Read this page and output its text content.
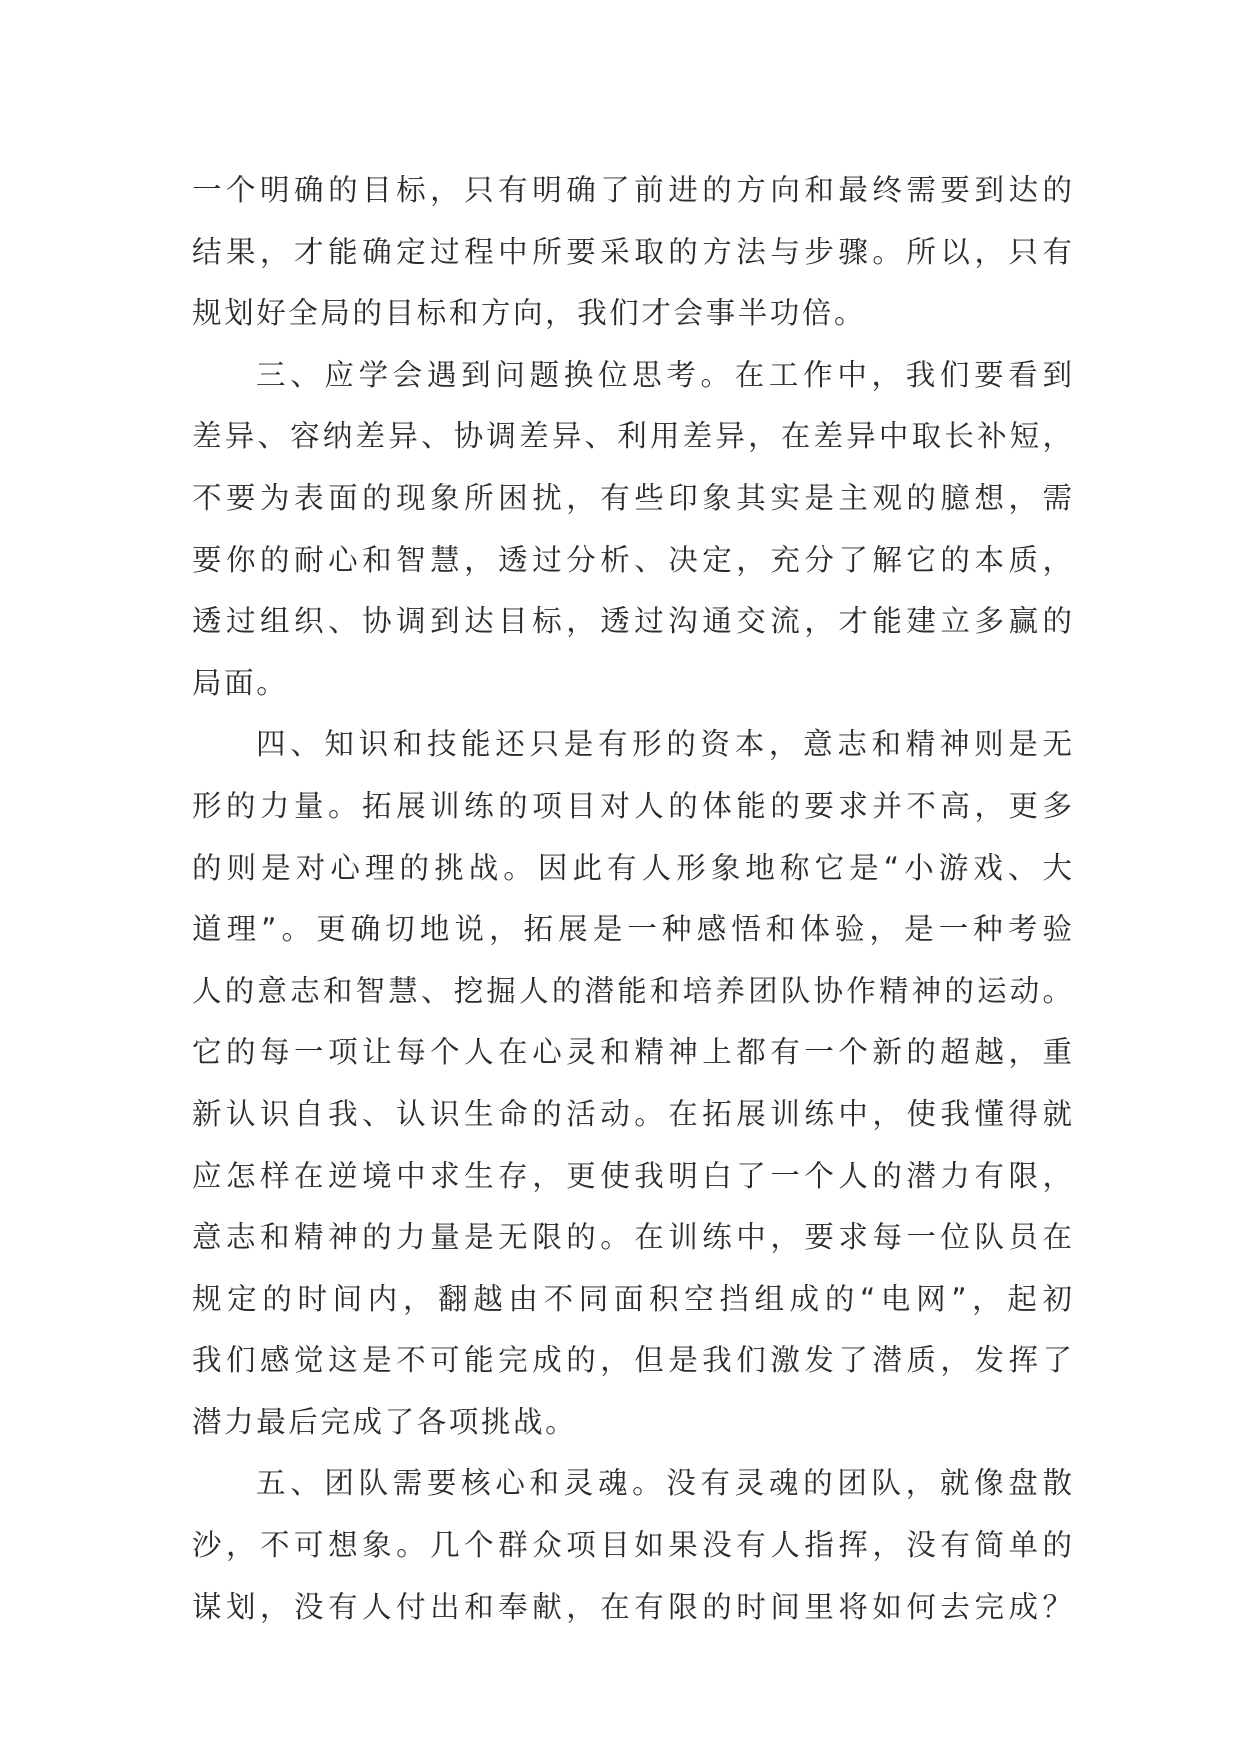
一个明确的目标，只有明确了前进的方向和最终需要到达的
结果，才能确定过程中所要采取的方法与步骤。所以，只有
规划好全局的目标和方向，我们才会事半功倍。
三、应学会遇到问题换位思考。在工作中，我们要看到
差异、容纳差异、协调差异、利用差异，在差异中取长补短，
不要为表面的现象所困扰，有些印象其实是主观的臆想，需
要你的耐心和智慧，透过分析、决定，充分了解它的本质，
透过组织、协调到达目标，透过沟通交流，才能建立多赢的
局面。
四、知识和技能还只是有形的资本，意志和精神则是无
形的力量。拓展训练的项目对人的体能的要求并不高，更多
的则是对心理的挑战。因此有人形象地称它是“小游戏、大
道理”。更确切地说，拓展是一种感悟和体验，是一种考验
人的意志和智慧、挖掘人的潜能和培养团队协作精神的运动。
它的每一项让每个人在心灵和精神上都有一个新的超越，重
新认识自我、认识生命的活动。在拓展训练中，使我懂得就
应怎样在逆境中求生存，更使我明白了一个人的潜力有限，
意志和精神的力量是无限的。在训练中，要求每一位队员在
规定的时间内，翻越由不同面积空挡组成的“电网”，起初
我们感觉这是不可能完成的，但是我们激发了潜质，发挥了
潜力最后完成了各项挑战。
五、团队需要核心和灵魂。没有灵魂的团队，就像盘散
沙，不可想象。几个群众项目如果没有人指挥，没有简单的
谋划，没有人付出和奉献，在有限的时间里将如何去完成？
